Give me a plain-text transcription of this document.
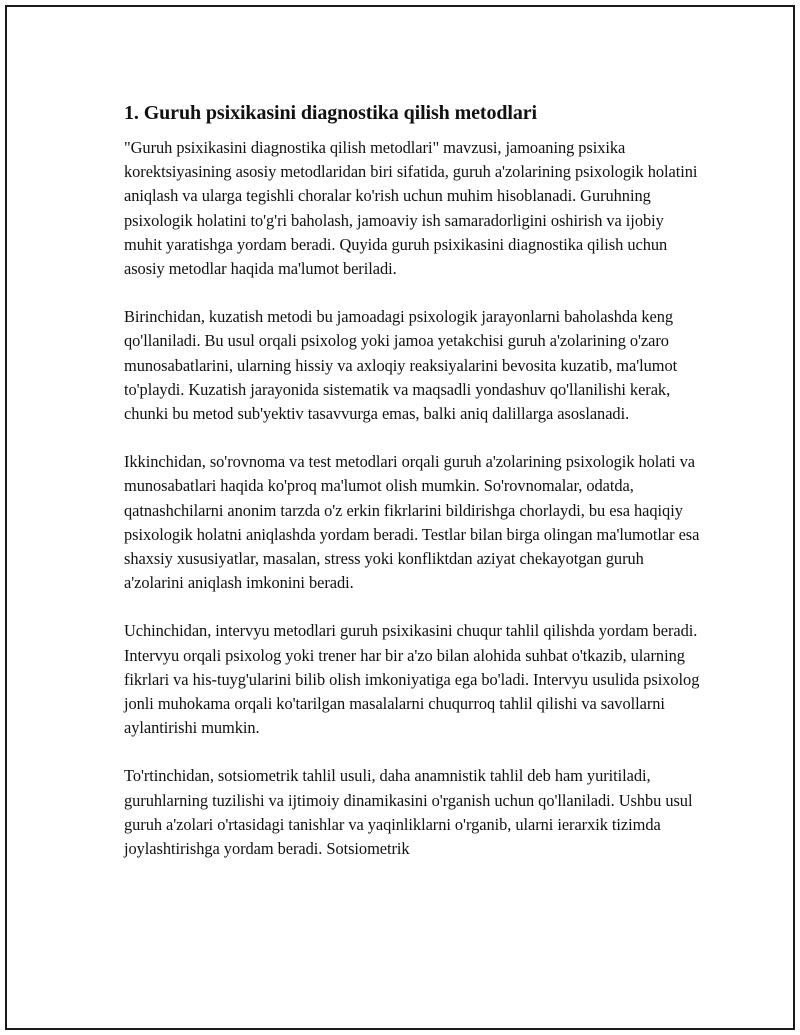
1. Guruh psixikasini diagnostika qilish metodlari

"Guruh psixikasini diagnostika qilish metodlari" mavzusi, jamoaning psixika korektsiyasining asosiy metodlaridan biri sifatida, guruh a'zolarining psixologik holatini aniqlash va ularga tegishli choralar ko'rish uchun muhim hisoblanadi. Guruhning psixologik holatini to'g'ri baholash, jamoaviy ish samaradorligini oshirish va ijobiy muhit yaratishga yordam beradi. Quyida guruh psixikasini diagnostika qilish uchun asosiy metodlar haqida ma'lumot beriladi.

Birinchidan, kuzatish metodi bu jamoadagi psixologik jarayonlarni baholashda keng qo'llaniladi. Bu usul orqali psixolog yoki jamoa yetakchisi guruh a'zolarining o'zaro munosabatlarini, ularning hissiy va axloqiy reaksiyalarini bevosita kuzatib, ma'lumot to'playdi. Kuzatish jarayonida sistematik va maqsadli yondashuv qo'llanilishi kerak, chunki bu metod sub'yektiv tasavvurga emas, balki aniq dalillarga asoslanadi.

Ikkinchidan, so'rovnoma va test metodlari orqali guruh a'zolarining psixologik holati va munosabatlari haqida ko'proq ma'lumot olish mumkin. So'rovnomalar, odatda, qatnashchilarni anonim tarzda o'z erkin fikrlarini bildirishga chorlaydi, bu esa haqiqiy psixologik holatni aniqlashda yordam beradi. Testlar bilan birga olingan ma'lumotlar esa shaxsiy xususiyatlar, masalan, stress yoki konfliktdan aziyat chekayotgan guruh a'zolarini aniqlash imkonini beradi.

Uchinchidan, intervyu metodlari guruh psixikasini chuqur tahlil qilishda yordam beradi. Intervyu orqali psixolog yoki trener har bir a'zo bilan alohida suhbat o'tkazib, ularning fikrlari va his-tuyg'ularini bilib olish imkoniyatiga ega bo'ladi. Intervyu usulida psixolog jonli muhokama orqali ko'tarilgan masalalarni chuqurroq tahlil qilishi va savollarni aylantirishi mumkin.

To'rtinchidan, sotsiometrik tahlil usuli, daha anamnistik tahlil deb ham yuritiladi, guruhlarning tuzilishi va ijtimoiy dinamikasini o'rganish uchun qo'llaniladi. Ushbu usul guruh a'zolari o'rtasidagi tanishlar va yaqinliklarni o'rganib, ularni ierarxik tizimda joylashtirishga yordam beradi. Sotsiometrik
